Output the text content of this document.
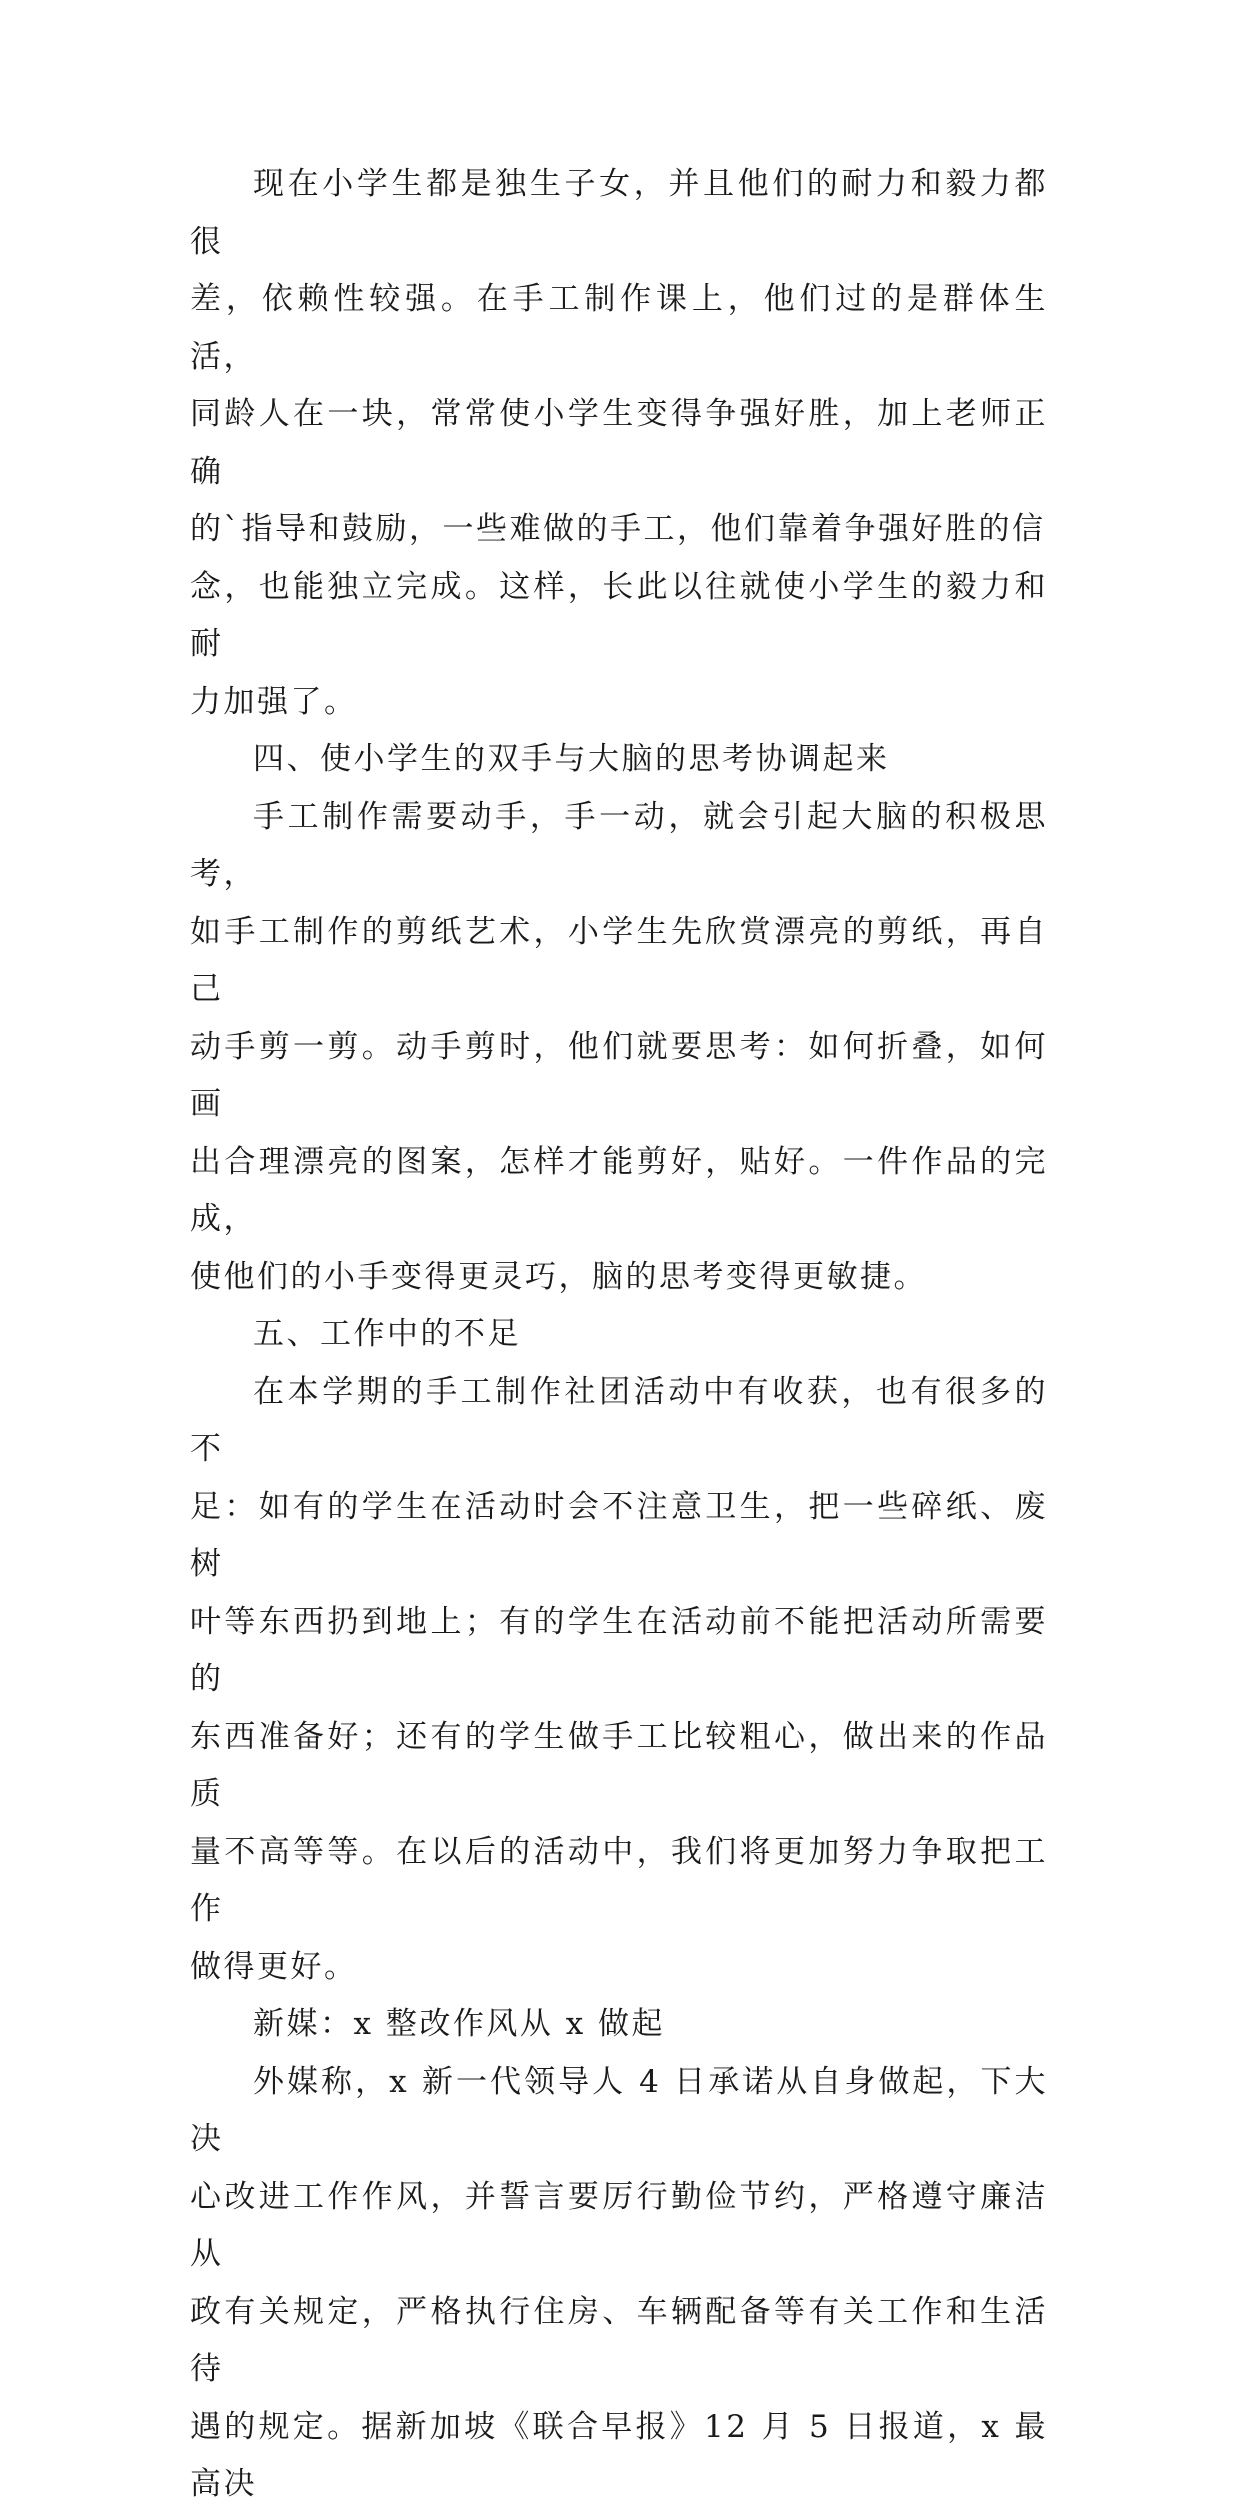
现在小学生都是独生子女，并且他们的耐力和毅力都很
差，依赖性较强。在手工制作课上，他们过的是群体生活，
同龄人在一块，常常使小学生变得争强好胜，加上老师正确
的`指导和鼓励，一些难做的手工，他们靠着争强好胜的信
念，也能独立完成。这样，长此以往就使小学生的毅力和耐
力加强了。

四、使小学生的双手与大脑的思考协调起来

手工制作需要动手，手一动，就会引起大脑的积极思考，
如手工制作的剪纸艺术，小学生先欣赏漂亮的剪纸，再自己
动手剪一剪。动手剪时，他们就要思考：如何折叠，如何画
出合理漂亮的图案，怎样才能剪好，贴好。一件作品的完成，
使他们的小手变得更灵巧，脑的思考变得更敏捷。

五、工作中的不足

在本学期的手工制作社团活动中有收获，也有很多的不
足：如有的学生在活动时会不注意卫生，把一些碎纸、废树
叶等东西扔到地上；有的学生在活动前不能把活动所需要的
东西准备好；还有的学生做手工比较粗心，做出来的作品质
量不高等等。在以后的活动中，我们将更加努力争取把工作
做得更好。

新媒：x 整改作风从 x 做起

外媒称，x 新一代领导人 4 日承诺从自身做起，下大决
心改进工作作风，并誓言要厉行勤俭节约，严格遵守廉洁从
政有关规定，严格执行住房、车辆配备等有关工作和生活待
遇的规定。据新加坡《联合早报》12 月 5 日报道，x 最高决
